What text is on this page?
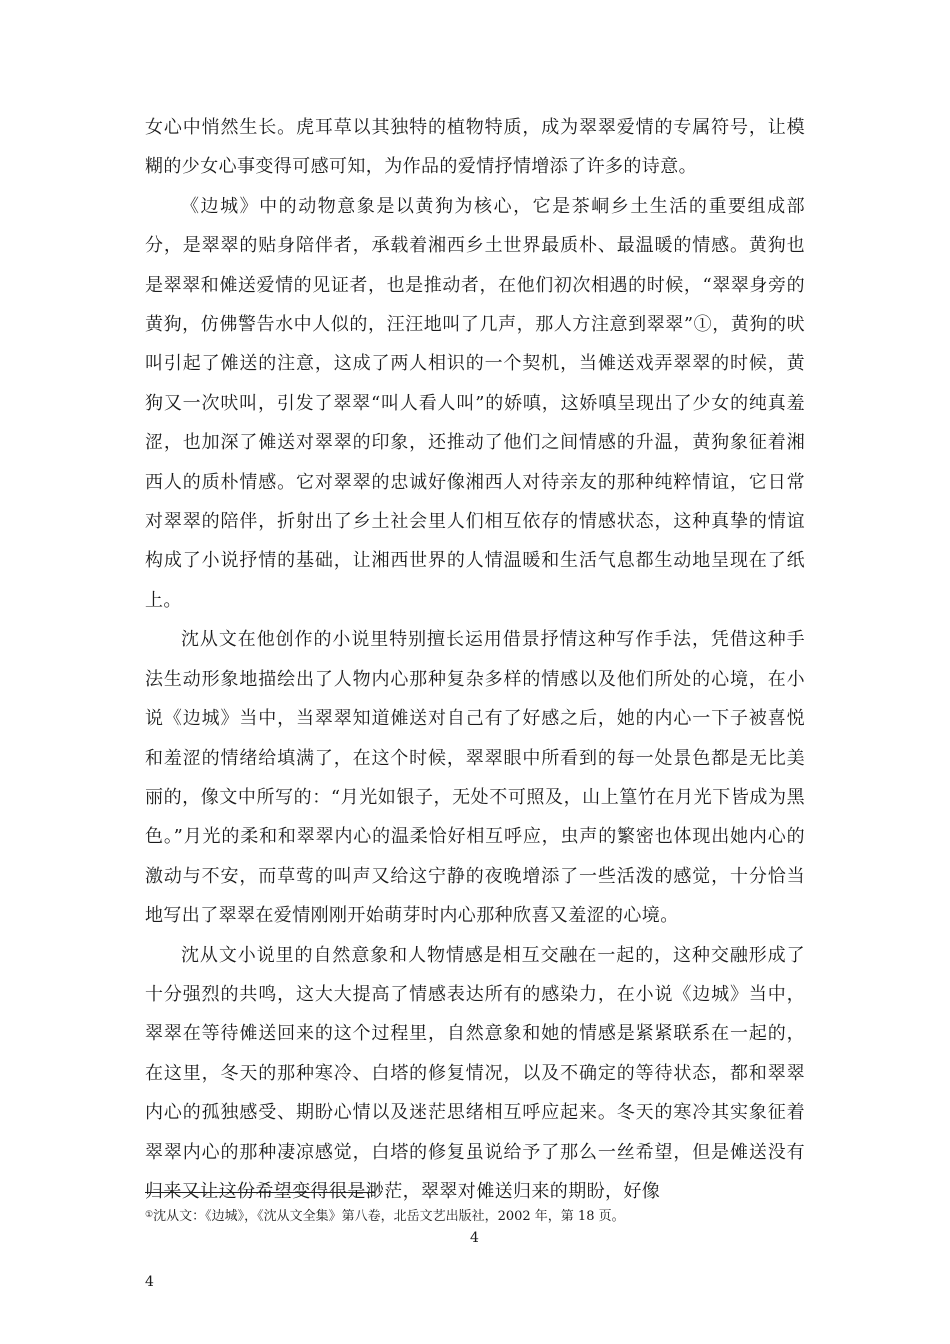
女心中悄然生长。虎耳草以其独特的植物特质，成为翠翠爱情的专属符号，让模糊的少女心事变得可感可知，为作品的爱情抒情增添了许多的诗意。

《边城》中的动物意象是以黄狗为核心，它是茶峒乡土生活的重要组成部分，是翠翠的贴身陪伴者，承载着湘西乡土世界最质朴、最温暖的情感。黄狗也是翠翠和傩送爱情的见证者，也是推动者，在他们初次相遇的时候，“翠翠身旁的黄狗，仿佛警告水中人似的，汪汪地叫了几声，那人方注意到翠翠”①，黄狗的吠叫引起了傩送的注意，这成了两人相识的一个契机，当傩送戏弄翠翠的时候，黄狗又一次吠叫，引发了翠翠“叫人看人叫”的娇嗔，这娇嗔呈现出了少女的纯真羞涩，也加深了傩送对翠翠的印象，还推动了他们之间情感的升温，黄狗象征着湘西人的质朴情感。它对翠翠的忠诚好像湘西人对待亲友的那种纯粹情谊，它日常对翠翠的陪伴，折射出了乡土社会里人们相互依存的情感状态，这种真挚的情谊构成了小说抒情的基础，让湘西世界的人情温暖和生活气息都生动地呈现在了纸上。

沈从文在他创作的小说里特别擅长运用借景抒情这种写作手法，凭借这种手法生动形象地描绘出了人物内心那种复杂多样的情感以及他们所处的心境，在小说《边城》当中，当翠翠知道傩送对自己有了好感之后，她的内心一下子被喜悦和羞涩的情绪给填满了，在这个时候，翠翠眼中所看到的每一处景色都是无比美丽的，像文中所写的：“月光如银子，无处不可照及，山上篁竹在月光下皆成为黑色。”月光的柔和和翠翠内心的温柔恰好相互呼应，虫声的繁密也体现出她内心的激动与不安，而草莺的叫声又给这宁静的夜晚增添了一些活泼的感觉，十分恰当地写出了翠翠在爱情刚刚开始萌芽时内心那种欣喜又羞涩的心境。

沈从文小说里的自然意象和人物情感是相互交融在一起的，这种交融形成了十分强烈的共鸣，这大大提高了情感表达所有的感染力，在小说《边城》当中，翠翠在等待傩送回来的这个过程里，自然意象和她的情感是紧紧联系在一起的，在这里，冬天的那种寒冷、白塔的修复情况，以及不确定的等待状态，都和翠翠内心的孤独感受、期盼心情以及迷茫思绪相互呼应起来。冬天的寒冷其实象征着翠翠内心的那种凄凉感觉，白塔的修复虽说给予了那么一丝希望，但是傩送没有归来又让这份希望变得很是渺茫，翠翠对傩送归来的期盼，好像

①沈从文：《边城》，《沈从文全集》第八卷，北岳文艺出版社，2002 年，第 18 页。
4
4
